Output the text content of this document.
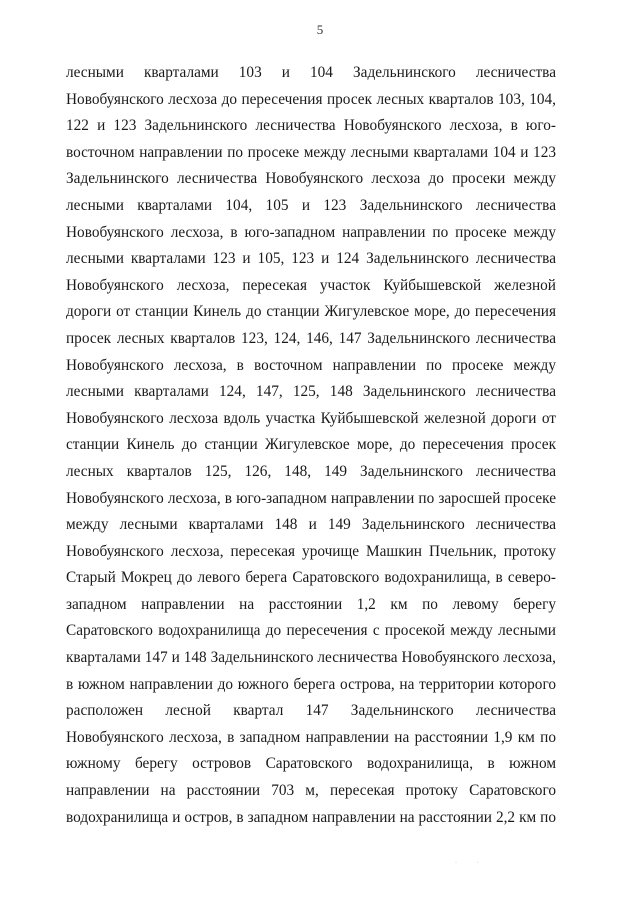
5
лесными кварталами 103 и 104 Задельнинского лесничества
Новобуянского лесхоза до пересечения просек лесных кварталов 103, 104,
122 и 123 Задельнинского лесничества Новобуянского лесхоза, в юго-
восточном направлении по просеке между лесными кварталами 104 и 123
Задельнинского лесничества Новобуянского лесхоза до просеки между
лесными кварталами 104, 105 и 123 Задельнинского лесничества
Новобуянского лесхоза, в юго-западном направлении по просеке между
лесными кварталами 123 и 105, 123 и 124 Задельнинского лесничества
Новобуянского лесхоза, пересекая участок Куйбышевской железной
дороги от станции Кинель до станции Жигулевское море, до пересечения
просек лесных кварталов 123, 124, 146, 147 Задельнинского лесничества
Новобуянского лесхоза, в восточном направлении по просеке между
лесными кварталами 124, 147, 125, 148 Задельнинского лесничества
Новобуянского лесхоза вдоль участка Куйбышевской железной дороги от
станции Кинель до станции Жигулевское море, до пересечения просек
лесных кварталов 125, 126, 148, 149 Задельнинского лесничества
Новобуянского лесхоза, в юго-западном направлении по заросшей просеке
между лесными кварталами 148 и 149 Задельнинского лесничества
Новобуянского лесхоза, пересекая урочище Машкин Пчельник, протоку
Старый Мокрец до левого берега Саратовского водохранилища, в северо-
западном направлении на расстоянии 1,2 км по левому берегу
Саратовского водохранилища до пересечения с просекой между лесными
кварталами 147 и 148 Задельнинского лесничества Новобуянского лесхоза,
в южном направлении до южного берега острова, на территории которого
расположен лесной квартал 147 Задельнинского лесничества
Новобуянского лесхоза, в западном направлении на расстоянии 1,9 км по
южному берегу островов Саратовского водохранилища, в южном
направлении на расстоянии 703 м, пересекая протоку Саратовского
водохранилища и остров, в западном направлении на расстоянии 2,2 км по
· ·
